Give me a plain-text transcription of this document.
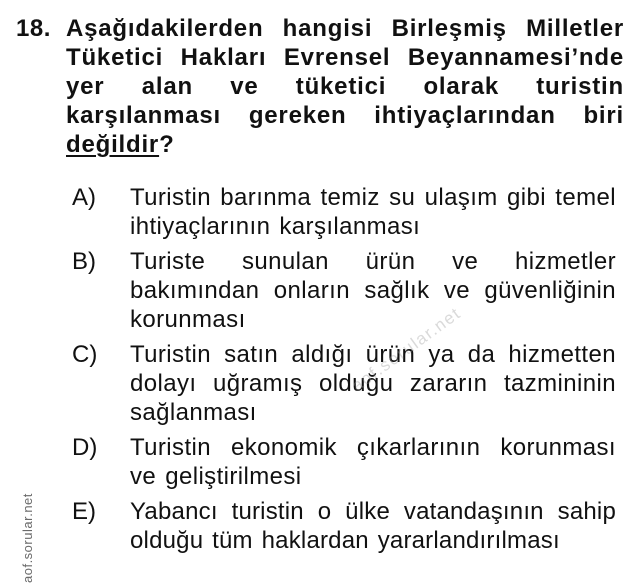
18. Aşağıdakilerden hangisi Birleşmiş Milletler Tüketici Hakları Evrensel Beyannamesi’nde yer alan ve tüketici olarak turistin karşılanması gereken ihtiyaçlarından biri değildir?
A)	Turistin barınma temiz su ulaşım gibi temel ihtiyaçlarının karşılanması
B)	Turiste sunulan ürün ve hizmetler bakımından onların sağlık ve güvenliğinin korunması
C)	Turistin satın aldığı ürün ya da hizmetten dolayı uğramış olduğu zararın tazmininin sağlanması
D)	Turistin ekonomik çıkarlarının korunması ve geliştirilmesi
E)	Yabancı turistin o ülke vatandaşının sahip olduğu tüm haklardan yararlandırılması
aof.sorular.net
aof.sorular.net
